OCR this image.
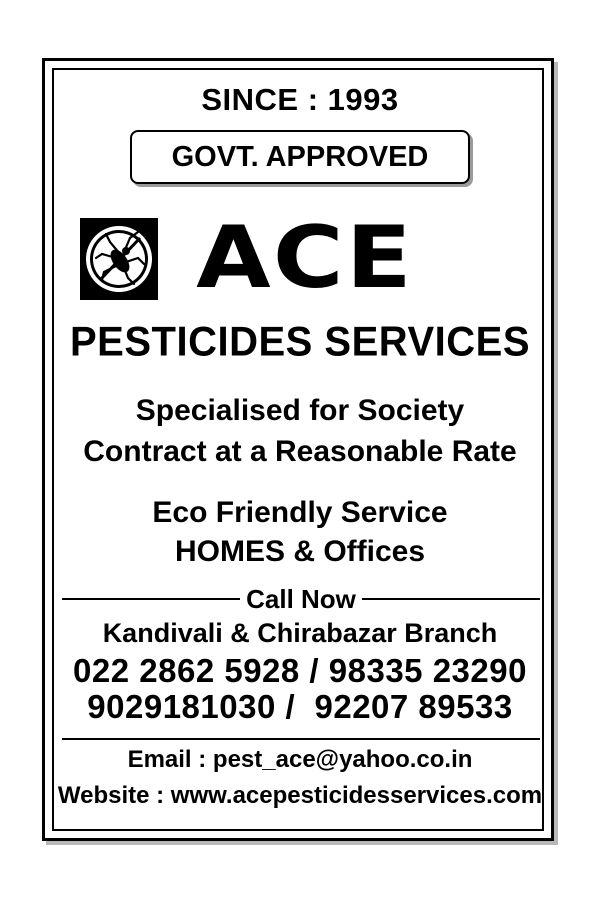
SINCE : 1993
GOVT. APPROVED
ACE
PESTICIDES SERVICES
Specialised for Society
Contract at a Reasonable Rate
Eco Friendly Service
HOMES & Offices
Call Now
Kandivali & Chirabazar Branch
022 2862 5928 / 98335 23290
9029181030 /  92207 89533
Email : pest_ace@yahoo.co.in
Website : www.acepesticidesservices.com
